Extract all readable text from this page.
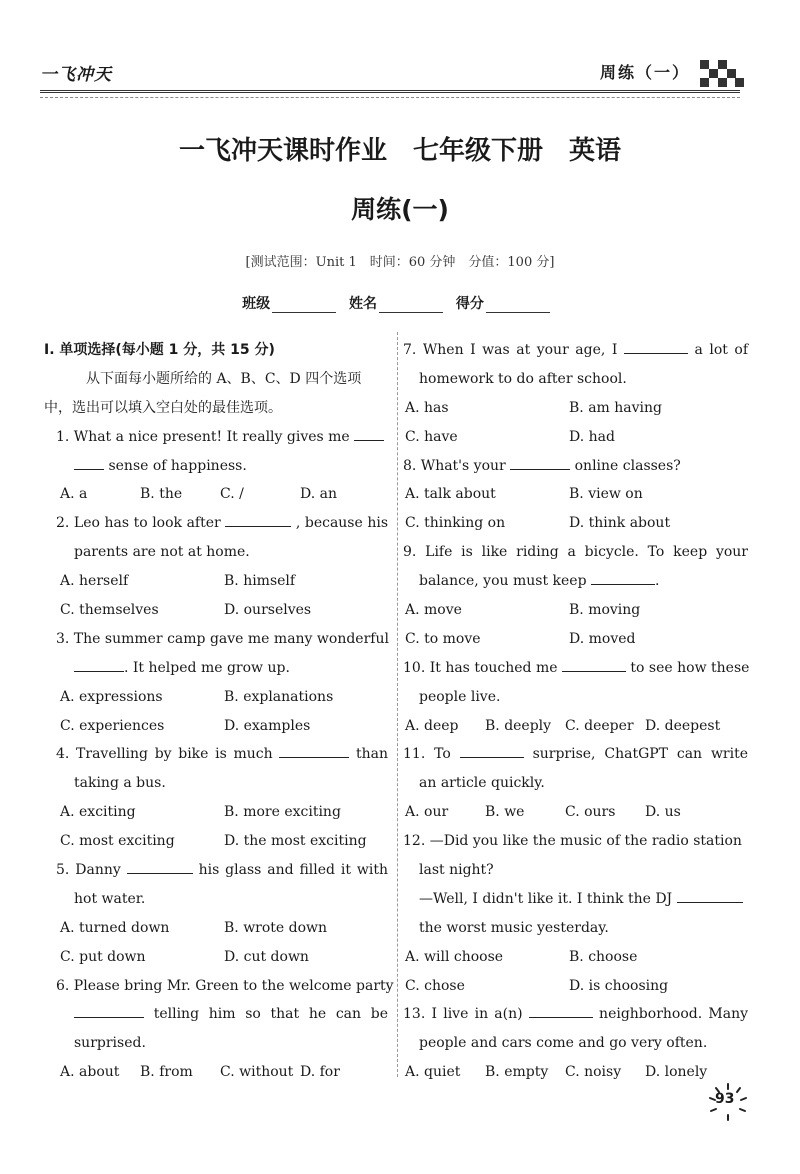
一飞冲天	周练（一）
一飞冲天课时作业　七年级下册　英语
周练(一)
[测试范围：Unit 1　时间：60 分钟　分值：100 分]
班级	姓名	得分
Ⅰ. 单项选择(每小题 1 分，共 15 分)
从下面每小题所给的 A、B、C、D 四个选项
中，选出可以填入空白处的最佳选项。
1. What a nice present! It really gives me
sense of happiness.
A. a	B. the	C. /	D. an
2. Leo has to look after	, because his
parents are not at home.
A. herself	B. himself
C. themselves	D. ourselves
3. The summer camp gave me many wonderful
. It helped me grow up.
A. expressions	B. explanations
C. experiences	D. examples
4. Travelling by bike is much	than
taking a bus.
A. exciting	B. more exciting
C. most exciting	D. the most exciting
5. Danny	his glass and filled it with
hot water.
A. turned down	B. wrote down
C. put down	D. cut down
6. Please bring Mr. Green to the welcome party
telling him so that he can be
surprised.
A. about B. from C. without D. for
7. When I was at your age, I	a lot of
homework to do after school.
A. has	B. am having
C. have	D. had
8. What's your	online classes?
A. talk about	B. view on
C. thinking on	D. think about
9. Life is like riding a bicycle. To keep your
balance, you must keep	.
A. move	B. moving
C. to move	D. moved
10. It has touched me	to see how these
people live.
A. deep B. deeply C. deeper D. deepest
11. To	surprise, ChatGPT can write
an article quickly.
A. our	B. we	C. ours D. us
12. —Did you like the music of the radio station
last night?
—Well, I didn't like it. I think the DJ
the worst music yesterday.
A. will choose	B. choose
C. chose	D. is choosing
13. I live in a(n)	neighborhood. Many
people and cars come and go very often.
A. quiet B. empty C. noisy D. lonely
93
